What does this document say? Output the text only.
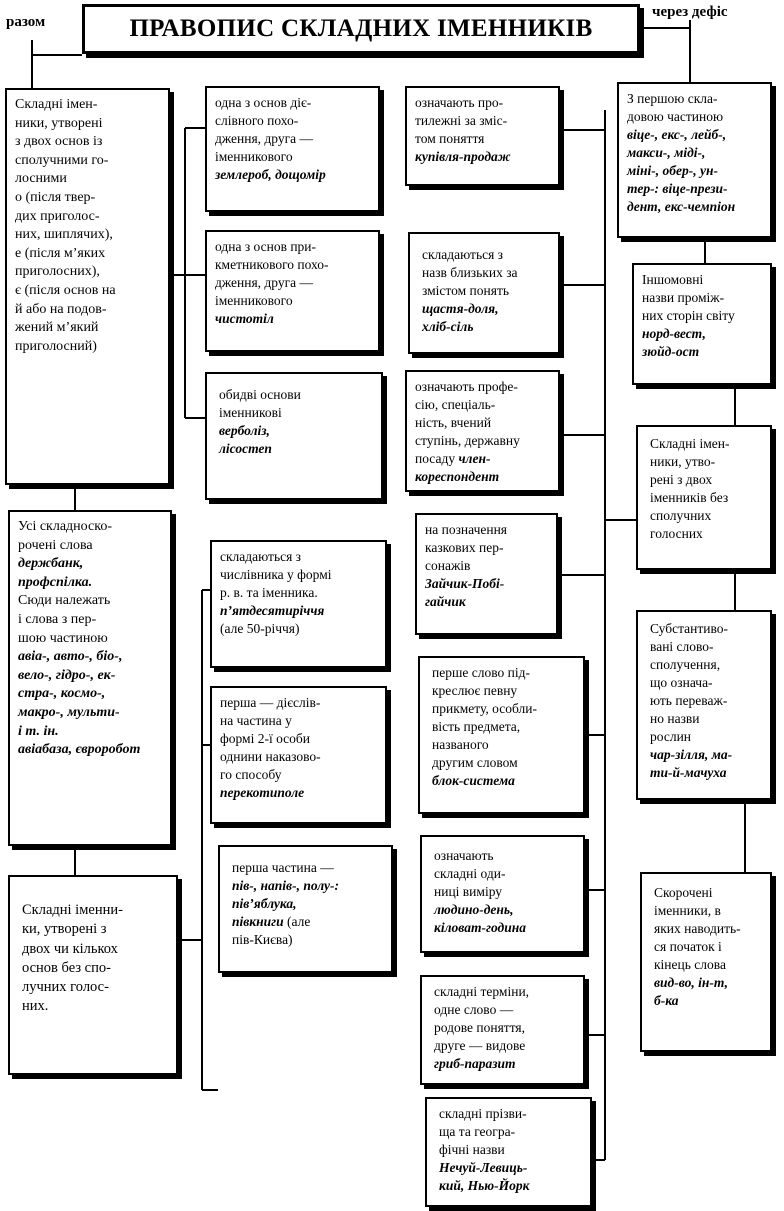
разом
через дефіс
ПРАВОПИС СКЛАДНИХ ІМЕННИКІВ
Складні імен-
ники, утворені
з двох основ із
сполучними го-
лосними
о (після твер-
дих приголос-
них, шиплячих),
е (після м’яких
приголосних),
є (після основ на
й або на подов-
жений м’який
приголосний)
Усі складноско-
рочені слова
держбанк,
профспілка.
Сюди належать
і слова з пер-
шою частиною
авіа-, авто-, біо-,
вело-, гідро-, ек-
стра-, космо-,
макро-, мульти-
і т. ін.
авіабаза, євроробот
Складні іменни-
ки, утворені з
двох чи кількох
основ без спо-
лучних голос-
них.
одна з основ діє-
слівного похо-
дження, друга —
іменникового
землероб, дощомір
одна з основ при-
кметникового похо-
дження, друга —
іменникового
чистотіл
обидві основи
іменникові
верболіз,
лісостеп
складаються з
числівника у формі
р. в. та іменника.
п’ятдесятиріччя
(але 50-річчя)
перша — дієслів-
на частина у
формі 2-ї особи
однини наказово-
го способу
перекотиполе
перша частина —
пів-, напів-, полу-:
пів’яблука,
півкниги (але
пів-Києва)
означають про-
тилежні за зміс-
том поняття
купівля-продаж
складаються з
назв близьких за
змістом понять
щастя-доля,
хліб-сіль
означають профе-
сію, спеціаль-
ність, вчений
ступінь, державну
посаду член-
кореспондент
на позначення
казкових пер-
сонажів
Зайчик-Побі-
гайчик
перше слово під-
креслює певну
прикмету, особли-
вість предмета,
названого
другим словом
блок-система
означають
складні оди-
ниці виміру
людино-день,
кіловат-година
складні терміни,
одне слово —
родове поняття,
друге — видове
гриб-паразит
складні прізви-
ща та геогра-
фічні назви
Нечуй-Левиць-
кий, Нью-Йорк
З першою скла-
довою частиною
віце-, екс-, лейб-,
макси-, міді-,
міні-, обер-, ун-
тер-: віце-прези-
дент, екс-чемпіон
Іншомовні
назви проміж-
них сторін світу
норд-вест,
зюйд-ост
Складні імен-
ники, утво-
рені з двох
іменників без
сполучних
голосних
Субстантиво-
вані слово-
сполучення,
що означа-
ють переваж-
но назви
рослин
чар-зілля, ма-
ти-й-мачуха
Скорочені
іменники, в
яких наводить-
ся початок і
кінець слова
вид-во, ін-т,
б-ка
